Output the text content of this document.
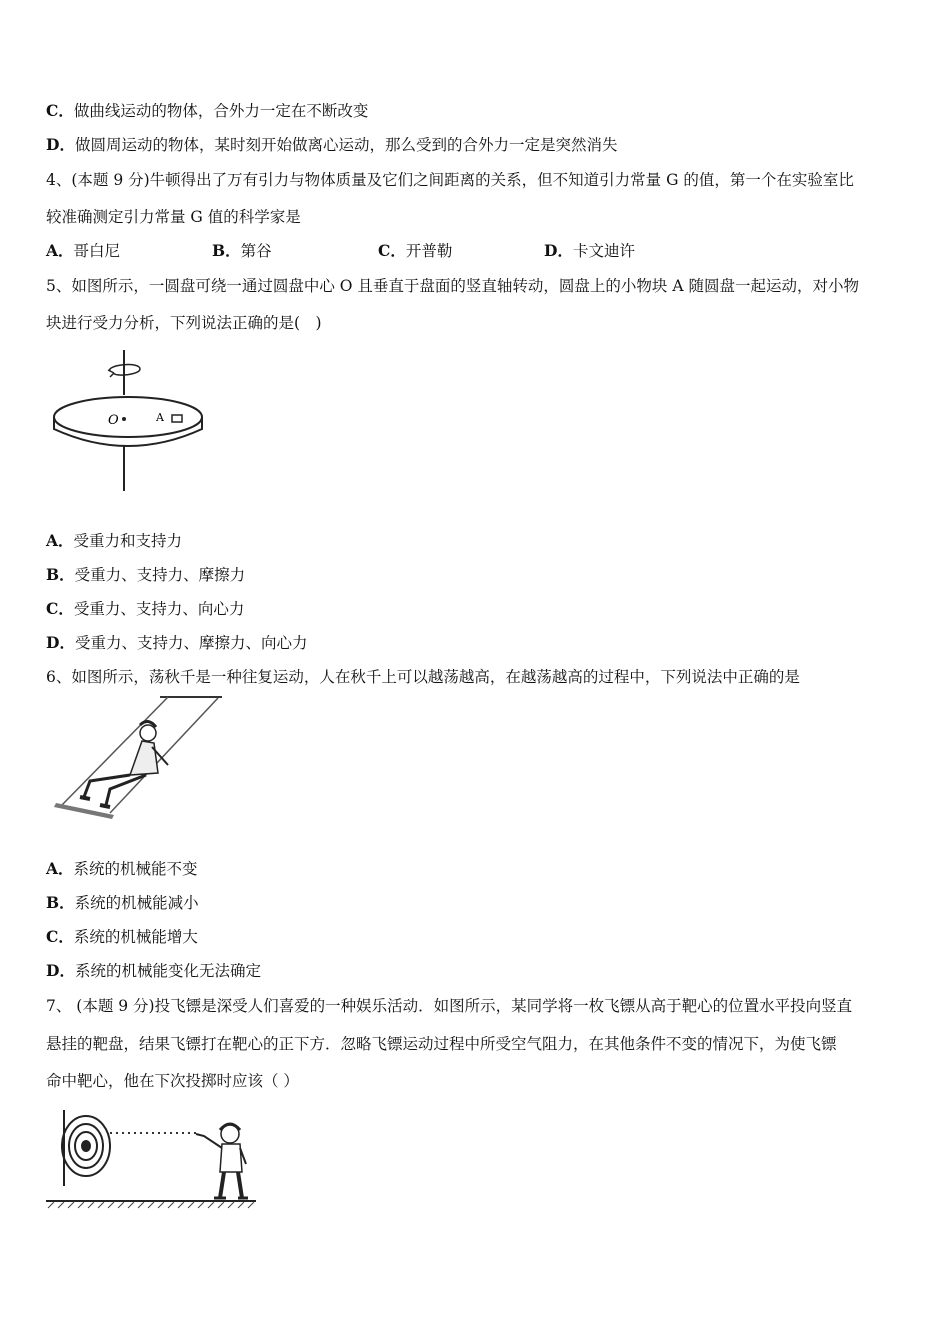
C．做曲线运动的物体，合外力一定在不断改变
D．做圆周运动的物体，某时刻开始做离心运动，那么受到的合外力一定是突然消失
4、(本题 9 分)牛顿得出了万有引力与物体质量及它们之间距离的关系，但不知道引力常量 G 的值，第一个在实验室比
较准确测定引力常量 G 值的科学家是
A．哥白尼	B．第谷	C．开普勒	D．卡文迪许
5、如图所示，一圆盘可绕一通过圆盘中心 O 且垂直于盘面的竖直轴转动，圆盘上的小物块 A 随圆盘一起运动，对小物
块进行受力分析，下列说法正确的是(　)
O	A
A．受重力和支持力
B．受重力、支持力、摩擦力
C．受重力、支持力、向心力
D．受重力、支持力、摩擦力、向心力
6、如图所示，荡秋千是一种往复运动，人在秋千上可以越荡越高，在越荡越高的过程中，下列说法中正确的是
A．系统的机械能不变
B．系统的机械能减小
C．系统的机械能增大
D．系统的机械能变化无法确定
7、 (本题 9 分)投飞镖是深受人们喜爱的一种娱乐活动．如图所示，某同学将一枚飞镖从高于靶心的位置水平投向竖直
悬挂的靶盘，结果飞镖打在靶心的正下方．忽略飞镖运动过程中所受空气阻力，在其他条件不变的情况下，为使飞镖
命中靶心，他在下次投掷时应该（ ）
